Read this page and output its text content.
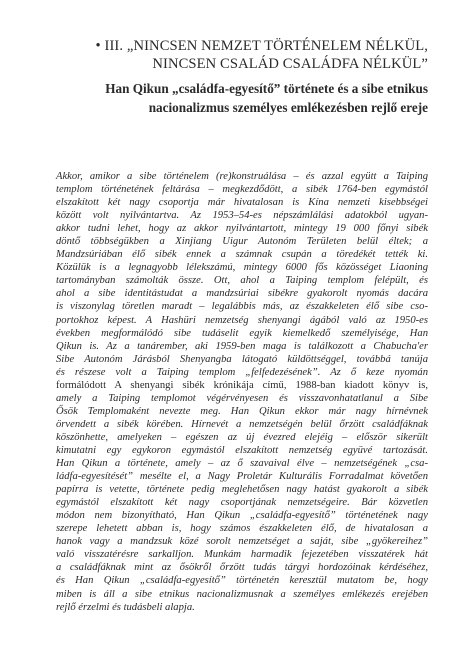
• III. „NINCSEN NEMZET TÖRTÉNELEM NÉLKÜL,
NINCSEN CSALÁD CSALÁDFA NÉLKÜL”
Han Qikun „családfa-egyesítő” története és a sibe etnikus
nacionalizmus személyes emlékezésben rejlő ereje
Akkor, amikor a sibe történelem (re)konstruálása – és azzal együtt a Taiping
templom történetének feltárása – megkezdődött, a sibék 1764-ben egymástól
elszakított két nagy csoportja már hivatalosan is Kína nemzeti kisebbségei
között volt nyilvántartva. Az 1953–54-es népszámlálási adatokból ugyan-
akkor tudni lehet, hogy az akkor nyilvántartott, mintegy 19 000 főnyi sibék
döntő többségükben a Xinjiang Uigur Autonóm Területen belül éltek; a
Mandzsúriában élő sibék ennek a számnak csupán a töredékét tették ki.
Közülük is a legnagyobb lélekszámú, mintegy 6000 fős közösséget Liaoning
tartományban számolták össze. Ott, ahol a Taiping templom felépült, és
ahol a sibe identitástudat a mandzsúriai sibékre gyakorolt nyomás dacára
is viszonylag töretlen maradt – legalábbis más, az északkeleten élő sibe cso-
portokhoz képest. A Hashüri nemzetség shenyangi ágából való az 1950-es
években megformálódó sibe tudáselit egyik kiemelkedő személyisége, Han
Qikun is. Az a tanárember, aki 1959-ben maga is találkozott a Chabucha'er
Sibe Autonóm Járásból Shenyangba látogató küldöttséggel, továbbá tanúja
és részese volt a Taiping templom „felfedezésének”. Az ő keze nyomán
formálódott A shenyangi sibék krónikája című, 1988-ban kiadott könyv is,
amely a Taiping templomot végérvényesen és visszavonhatatlanul a Sibe
Ősök Templomaként nevezte meg. Han Qikun ekkor már nagy hírnévnek
örvendett a sibék körében. Hírnevét a nemzetségén belül őrzött családfáknak
köszönhette, amelyeken – egészen az új évezred elejéig – először sikerült
kimutatni egy egykoron egymástól elszakított nemzetség együvé tartozását.
Han Qikun a története, amely – az ő szavaival élve – nemzetségének „csa-
ládfa-egyesítését” mesélte el, a Nagy Proletár Kulturális Forradalmat követően
papírra is vetette, története pedig meglehetősen nagy hatást gyakorolt a sibék
egymástól elszakított két nagy csoportjának nemzetségeire. Bár közvetlen
módon nem bizonyítható, Han Qikun „családfa-egyesítő” történetének nagy
szerepe lehetett abban is, hogy számos északkeleten élő, de hivatalosan a
hanok vagy a mandzsuk közé sorolt nemzetséget a saját, sibe „gyökereihez”
való visszatérésre sarkalljon. Munkám harmadik fejezetében visszatérek hát
a családfáknak mint az ősökről őrzött tudás tárgyi hordozóinak kérdéséhez,
és Han Qikun „családfa-egyesítő” történetén keresztül mutatom be, hogy
miben is áll a sibe etnikus nacionalizmusnak a személyes emlékezés erejében
rejlő érzelmi és tudásbeli alapja.
